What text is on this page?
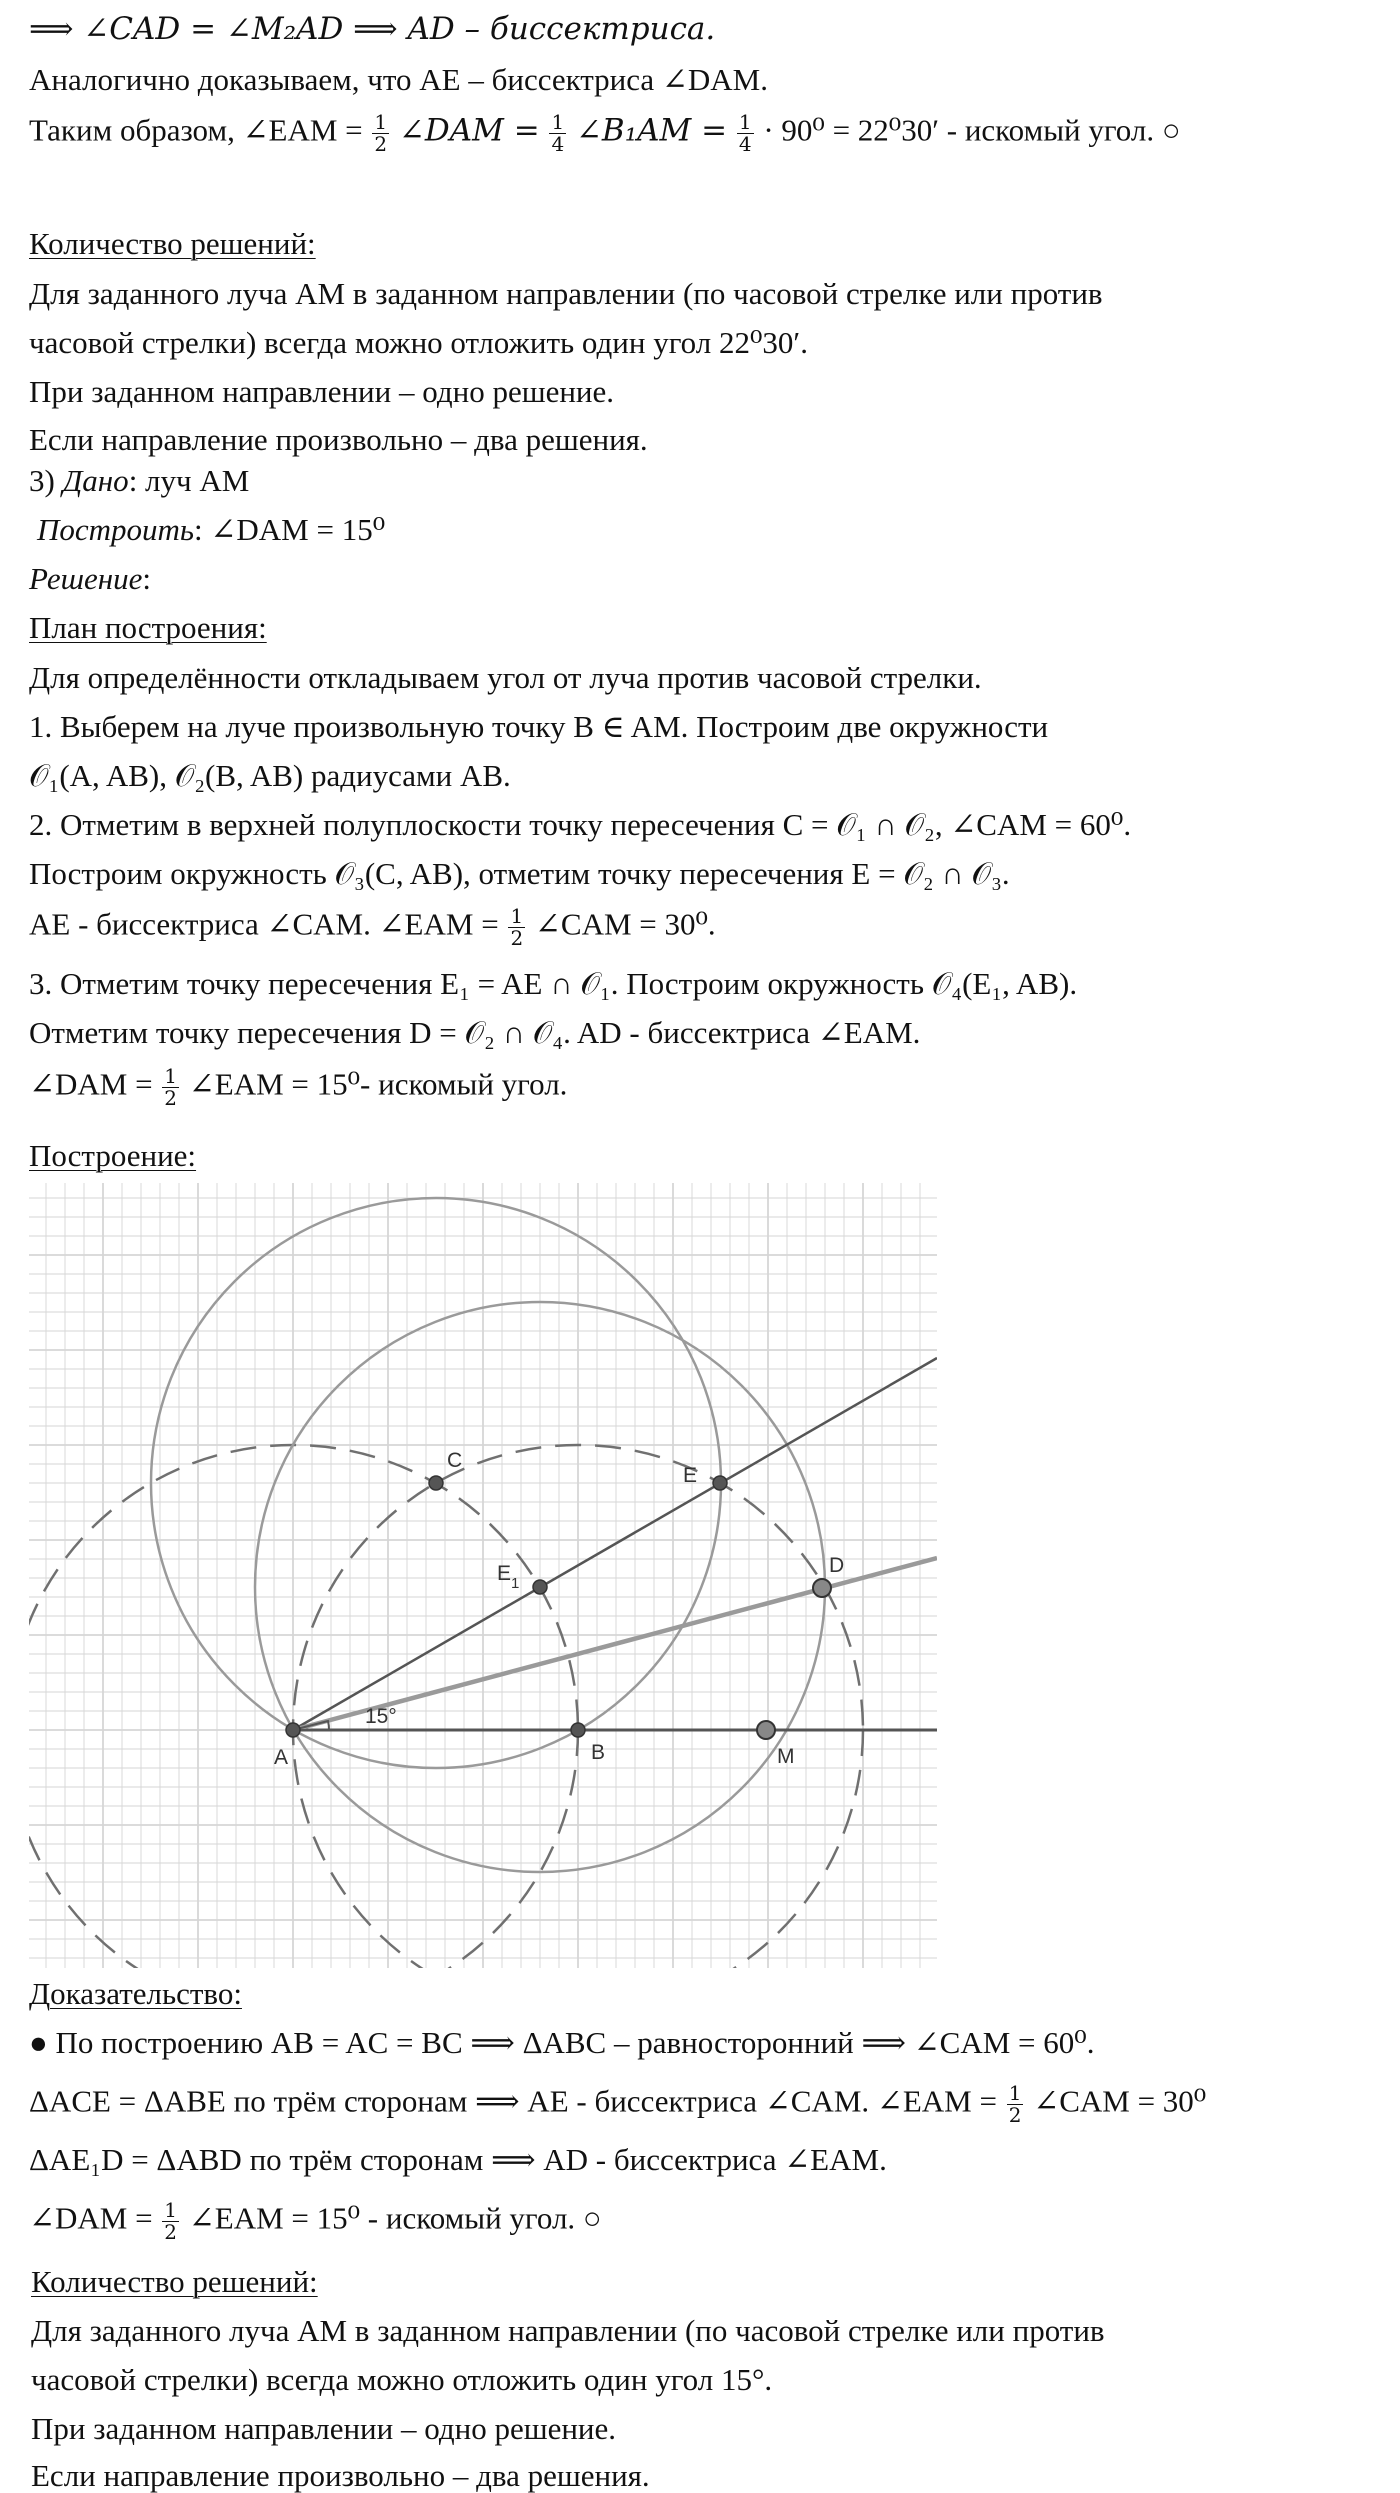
⟹ ∠CAD = ∠M₂AD ⟹ AD – биссектриса.
Аналогично доказываем, что AE – биссектриса ∠DAM.
Таким образом, ∠EAM = $\frac{1}{2}$ ∠DAM = $\frac{1}{4}$ ∠B₁AM = $\frac{1}{4} \cdot 90^0 = 22^030'$ - искомый угол. ○
Количество решений:
Для заданного луча AM в заданном направлении (по часовой стрелке или против
часовой стрелки) всегда можно отложить один угол 22⁰30′.
При заданном направлении – одно решение.
Если направление произвольно – два решения.
3) Дано: луч AM
Построить: ∠DAM = 15⁰
Решение:
План построения:
Для определённости откладываем угол от луча против часовой стрелки.
1. Выберем на луче произвольную точку B ∈ AM. Построим две окружности
𝒪₁(A, AB), 𝒪₂(B, AB) радиусами AB.
2. Отметим в верхней полуплоскости точку пересечения C = 𝒪₁ ∩ 𝒪₂, ∠CAM = 60⁰.
Построим окружность 𝒪₃(C, AB), отметим точку пересечения E = 𝒪₂ ∩ 𝒪₃.
AE - биссектриса ∠CAM. ∠EAM = $\frac{1}{2}$ ∠CAM = 30⁰.
3. Отметим точку пересечения E₁ = AE ∩ 𝒪₁. Построим окружность 𝒪₄(E₁, AB).
Отметим точку пересечения D = 𝒪₂ ∩ 𝒪₄. AD - биссектриса ∠EAM.
∠DAM = $\frac{1}{2}$ ∠EAM = 15⁰- искомый угол.
Построение:
15°
A	B
C
E
D
M
$E_1$
Доказательство:
● По построению AB = AC = BC ⟹ ΔABC – равносторонний ⟹ ∠CAM = 60⁰.
ΔACE = ΔABE по трём сторонам ⟹ AE - биссектриса ∠CAM. ∠EAM = $\frac{1}{2}$ ∠CAM = 30⁰
ΔAE₁D = ΔABD по трём сторонам ⟹ AD - биссектриса ∠EAM.
∠DAM = $\frac{1}{2}$ ∠EAM = 15⁰ - искомый угол. ○
Количество решений:
Для заданного луча AM в заданном направлении (по часовой стрелке или против
часовой стрелки) всегда можно отложить один угол 15°.
При заданном направлении – одно решение.
Если направление произвольно – два решения.
